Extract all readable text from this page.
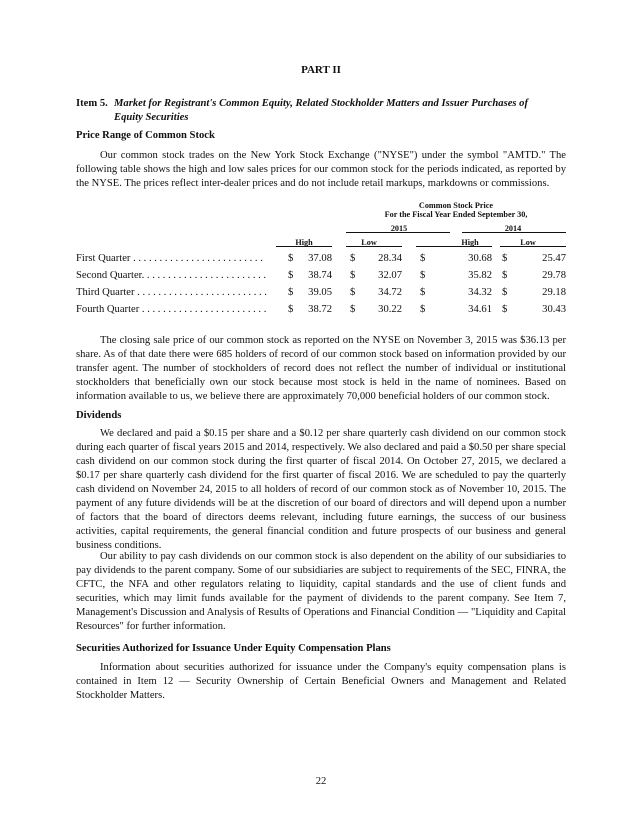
PART II
Item 5. Market for Registrant's Common Equity, Related Stockholder Matters and Issuer Purchases of
Equity Securities
Price Range of Common Stock

Our common stock trades on the New York Stock Exchange ("NYSE") under the symbol "AMTD." The following table shows the high and low sales prices for our common stock for the periods indicated, as reported by the NYSE. The prices reflect inter-dealer prices and do not include retail markups, markdowns or commissions.

Common Stock Price
For the Fiscal Year Ended September 30,
2015	2014
High	Low	High	Low
First Quarter . . . . . . . . . . . . . . . . . . . . . . . . . $	37.08 $	28.34 $	30.68 $	25.47
Second Quarter. . . . . . . . . . . . . . . . . . . . . . . . $	38.74 $	32.07 $	35.82 $	29.78
Third Quarter . . . . . . . . . . . . . . . . . . . . . . . . . $	39.05 $	34.72 $	34.32 $	29.18
Fourth Quarter . . . . . . . . . . . . . . . . . . . . . . . . $	38.72 $	30.22 $	34.61 $	30.43

The closing sale price of our common stock as reported on the NYSE on November 3, 2015 was $36.13 per share. As of that date there were 685 holders of record of our common stock based on information provided by our transfer agent. The number of stockholders of record does not reflect the number of individual or institutional stockholders that beneficially own our stock because most stock is held in the name of nominees. Based on information available to us, we believe there are approximately 70,000 beneficial holders of our common stock.

Dividends

We declared and paid a $0.15 per share and a $0.12 per share quarterly cash dividend on our common stock during each quarter of fiscal years 2015 and 2014, respectively. We also declared and paid a $0.50 per share special cash dividend on our common stock during the first quarter of fiscal 2014. On October 27, 2015, we declared a $0.17 per share quarterly cash dividend for the first quarter of fiscal 2016. We are scheduled to pay the quarterly cash dividend on November 24, 2015 to all holders of record of our common stock as of November 10, 2015. The payment of any future dividends will be at the discretion of our board of directors and will depend upon a number of factors that the board of directors deems relevant, including future earnings, the success of our business activities, capital requirements, the general financial condition and future prospects of our business and general business conditions.

Our ability to pay cash dividends on our common stock is also dependent on the ability of our subsidiaries to pay dividends to the parent company. Some of our subsidiaries are subject to requirements of the SEC, FINRA, the CFTC, the NFA and other regulators relating to liquidity, capital standards and the use of client funds and securities, which may limit funds available for the payment of dividends to the parent company. See Item 7, Management's Discussion and Analysis of Results of Operations and Financial Condition — "Liquidity and Capital Resources" for further information.

Securities Authorized for Issuance Under Equity Compensation Plans

Information about securities authorized for issuance under the Company's equity compensation plans is contained in Item 12 — Security Ownership of Certain Beneficial Owners and Management and Related Stockholder Matters.

22
